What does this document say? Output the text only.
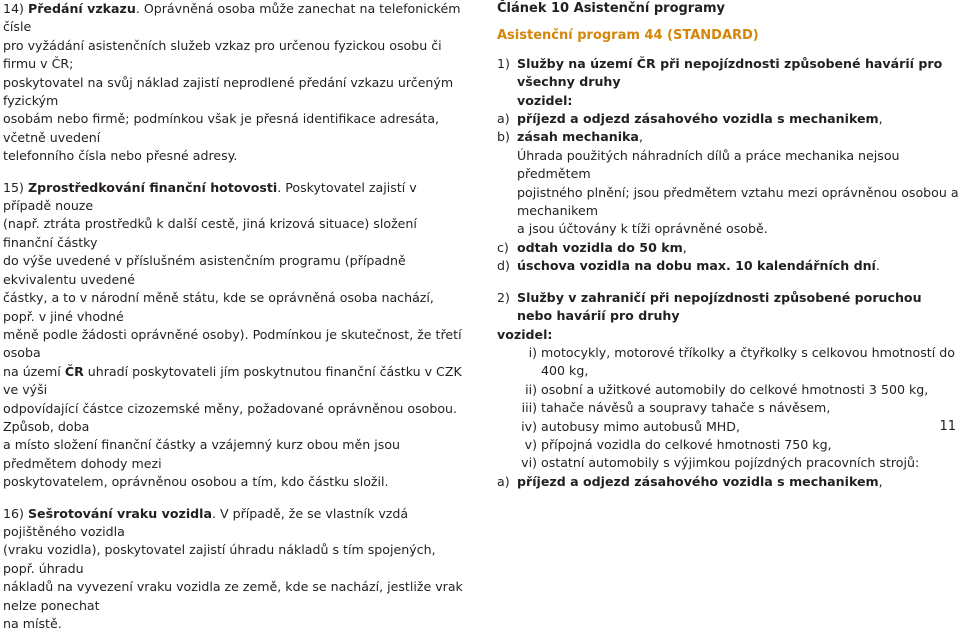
14) Předání vzkazu. Oprávněná osoba může zanechat na telefonickém čísle

pro vyžádání asistenčních služeb vzkaz pro určenou fyzickou osobu či firmu v ČR;

poskytovatel na svůj náklad zajistí neprodlené předání vzkazu určeným fyzickým

osobám nebo firmě; podmínkou však je přesná identifikace adresáta, včetně uvedení

telefonního čísla nebo přesné adresy.

15) Zprostředkování finanční hotovosti. Poskytovatel zajistí v případě nouze

(např. ztráta prostředků k další cestě, jiná krizová situace) složení finanční částky

do výše uvedené v příslušném asistenčním programu (případně ekvivalentu uvedené

částky, a to v národní měně státu, kde se oprávněná osoba nachází, popř. v jiné vhodné

měně podle žádosti oprávněné osoby). Podmínkou je skutečnost, že třetí osoba

na území ČR uhradí poskytovateli jím poskytnutou finanční částku v CZK ve výši

odpovídající částce cizozemské měny, požadované oprávněnou osobou. Způsob, doba

a místo složení finanční částky a vzájemný kurz obou měn jsou předmětem dohody mezi

poskytovatelem, oprávněnou osobou a tím, kdo částku složil.

16) Sešrotování vraku vozidla. V případě, že se vlastník vzdá pojištěného vozidla

(vraku vozidla), poskytovatel zajistí úhradu nákladů s tím spojených, popř. úhradu

nákladů na vyvezení vraku vozidla ze země, kde se nachází, jestliže vrak nelze ponechat

na místě.

Článek 10 Asistenční programy

Asistenční program 44 (STANDARD)

1) Služby na území ČR při nepojízdnosti způsobené havárií pro všechny druhy

vozidel:

a) příjezd a odjezd zásahového vozidla s mechanikem,
b) zásah mechanika,

Úhrada použitých náhradních dílů a práce mechanika nejsou předmětem

pojistného plnění; jsou předmětem vztahu mezi oprávněnou osobou a mechanikem

a jsou účtovány k tíži oprávněné osobě.

c) odtah vozidla do 50 km,
d) úschova vozidla na dobu max. 10 kalendářních dní.
2) Služby v zahraničí při nepojízdnosti způsobené poruchou nebo havárií pro druhy

vozidel:

i) motocykly, motorové tříkolky a čtyřkolky s celkovou hmotností do 400 kg,
ii) osobní a užitkové automobily do celkové hmotnosti 3 500 kg,
iii) tahače návěsů a soupravy tahače s návěsem,
iv) autobusy mimo autobusů MHD,
v) přípojná vozidla do celkové hmotnosti 750 kg,
vi) ostatní automobily s výjimkou pojízdných pracovních strojů:
a) příjezd a odjezd zásahového vozidla s mechanikem,
11
